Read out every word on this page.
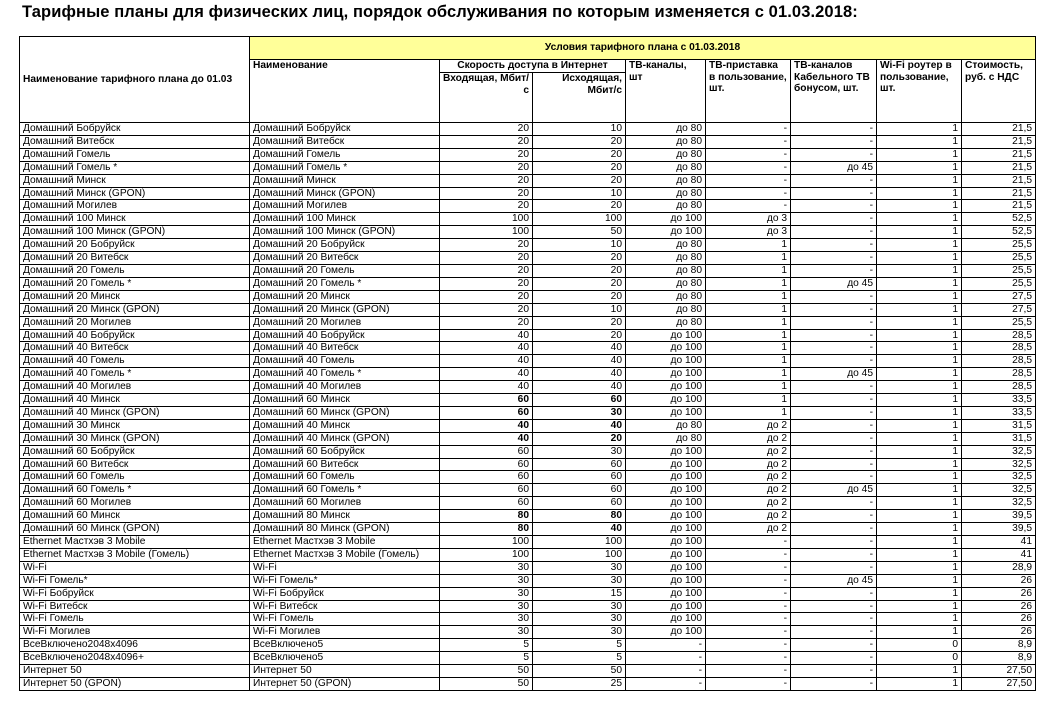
Тарифные планы для физических лиц, порядок обслуживания по которым изменяется с 01.03.2018:
Наименование тарифного плана до 01.03	Условия тарифного плана с 01.03.2018							
	Наименование	Скорость доступа в Интернет		ТВ-каналы, шт	ТВ-приставка в пользование, шт.	ТВ-каналов Кабельного ТВ бонусом, шт.	Wi-Fi роутер в пользование, шт.	Стоимость, руб. с НДС
		Входящая, Мбит/с	Исходящая, Мбит/с					
Домашний Бобруйск	Домашний Бобруйск	20	10	до 80	-	-	1	21,5
Домашний Витебск	Домашний Витебск	20	20	до 80	-	-	1	21,5
Домашний Гомель	Домашний Гомель	20	20	до 80	-	-	1	21,5
Домашний Гомель *	Домашний Гомель *	20	20	до 80	-	до 45	1	21,5
Домашний Минск	Домашний Минск	20	20	до 80	-	-	1	21,5
Домашний Минск (GPON)	Домашний Минск (GPON)	20	10	до 80	-	-	1	21,5
Домашний Могилев	Домашний Могилев	20	20	до 80	-	-	1	21,5
Домашний 100 Минск	Домашний 100 Минск	100	100	до 100	до 3	-	1	52,5
Домашний 100 Минск (GPON)	Домашний 100 Минск (GPON)	100	50	до 100	до 3	-	1	52,5
Домашний 20 Бобруйск	Домашний 20 Бобруйск	20	10	до 80	1	-	1	25,5
Домашний 20 Витебск	Домашний 20 Витебск	20	20	до 80	1	-	1	25,5
Домашний 20 Гомель	Домашний 20 Гомель	20	20	до 80	1	-	1	25,5
Домашний 20 Гомель *	Домашний 20 Гомель *	20	20	до 80	1	до 45	1	25,5
Домашний 20 Минск	Домашний 20 Минск	20	20	до 80	1	-	1	27,5
Домашний 20 Минск (GPON)	Домашний 20 Минск (GPON)	20	10	до 80	1	-	1	27,5
Домашний 20 Могилев	Домашний 20 Могилев	20	20	до 80	1	-	1	25,5
Домашний 40 Бобруйск	Домашний 40 Бобруйск	40	20	до 100	1	-	1	28,5
Домашний 40 Витебск	Домашний 40 Витебск	40	40	до 100	1	-	1	28,5
Домашний 40 Гомель	Домашний 40 Гомель	40	40	до 100	1	-	1	28,5
Домашний 40 Гомель *	Домашний 40 Гомель *	40	40	до 100	1	до 45	1	28,5
Домашний 40 Могилев	Домашний 40 Могилев	40	40	до 100	1	-	1	28,5
Домашний 40 Минск	Домашний 60 Минск	60	60	до 100	1	-	1	33,5
Домашний 40 Минск (GPON)	Домашний 60 Минск (GPON)	60	30	до 100	1	-	1	33,5
Домашний 30 Минск	Домашний 40 Минск	40	40	до 80	до 2	-	1	31,5
Домашний 30 Минск (GPON)	Домашний 40 Минск (GPON)	40	20	до 80	до 2	-	1	31,5
Домашний 60 Бобруйск	Домашний 60 Бобруйск	60	30	до 100	до 2	-	1	32,5
Домашний 60 Витебск	Домашний 60 Витебск	60	60	до 100	до 2	-	1	32,5
Домашний 60 Гомель	Домашний 60 Гомель	60	60	до 100	до 2	-	1	32,5
Домашний 60 Гомель *	Домашний 60 Гомель *	60	60	до 100	до 2	до 45	1	32,5
Домашний 60 Могилев	Домашний 60 Могилев	60	60	до 100	до 2	-	1	32,5
Домашний 60 Минск	Домашний 80 Минск	80	80	до 100	до 2	-	1	39,5
Домашний 60 Минск (GPON)	Домашний 80 Минск (GPON)	80	40	до 100	до 2	-	1	39,5
Ethernet Мастхэв 3 Mobile	Ethernet Мастхэв 3 Mobile	100	100	до 100	-	-	1	41
Ethernet Мастхэв 3 Mobile (Гомель)	Ethernet Мастхэв 3 Mobile (Гомель)	100	100	до 100	-	-	1	41
Wi-Fi	Wi-Fi	30	30	до 100	-	-	1	28,9
Wi-Fi Гомель*	Wi-Fi Гомель*	30	30	до 100	-	до 45	1	26
Wi-Fi Бобруйск	Wi-Fi Бобруйск	30	15	до 100	-	-	1	26
Wi-Fi Витебск	Wi-Fi Витебск	30	30	до 100	-	-	1	26
Wi-Fi Гомель	Wi-Fi Гомель	30	30	до 100	-	-	1	26
Wi-Fi Могилев	Wi-Fi Могилев	30	30	до 100	-	-	1	26
ВсеВключено2048х4096	ВсеВключено5	5	5	-	-	-	0	8,9
ВсеВключено2048х4096+	ВсеВключено5	5	5	-	-	-	0	8,9
Интернет 50	Интернет 50	50	50	-	-	-	1	27,50
Интернет 50 (GPON)	Интернет 50 (GPON)	50	25	-	-	-	1	27,50
